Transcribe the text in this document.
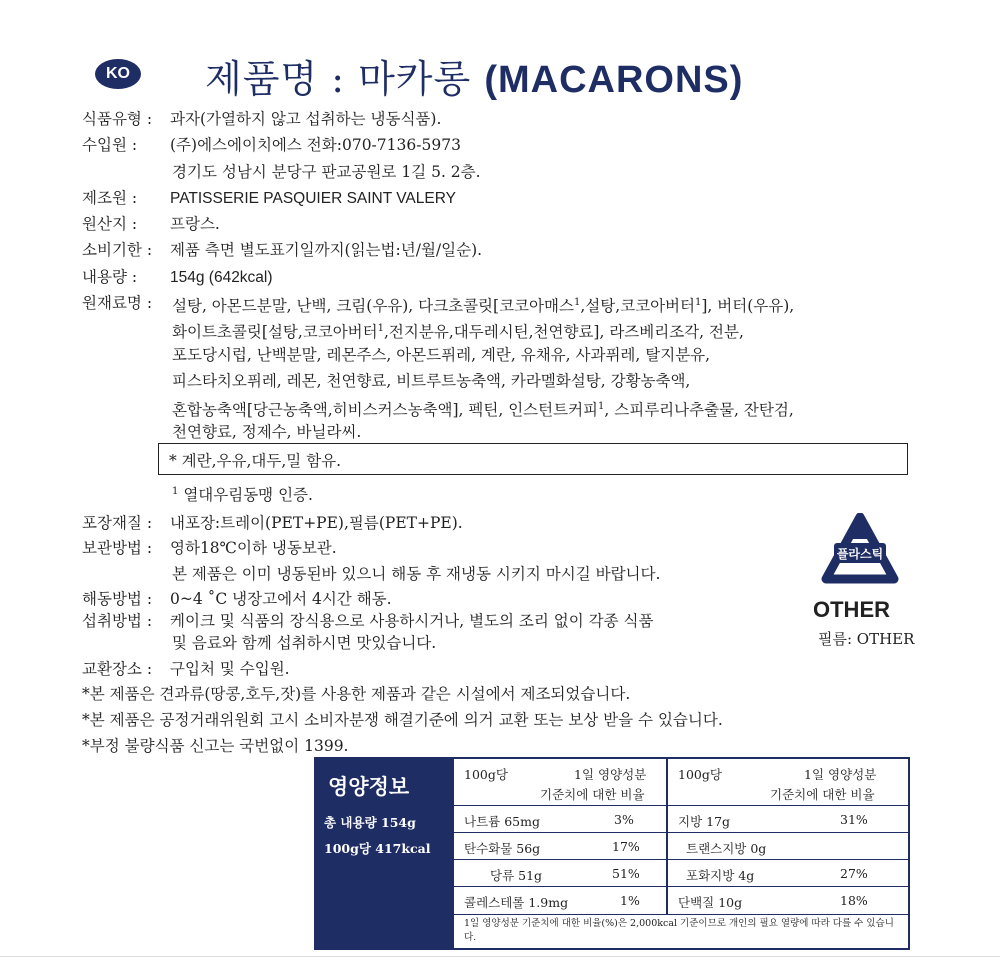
KO 제품명 : 마카롱 (MACARONS)
식품유형 : 과자(가열하지 않고 섭취하는 냉동식품).
수입원 : (주)에스에이치에스 전화:070-7136-5973
경기도 성남시 분당구 판교공원로 1길 5. 2층.
제조원 : PATISSERIE PASQUIER SAINT VALERY
원산지 : 프랑스.
소비기한 : 제품 측면 별도표기일까지(읽는법:년/월/일순).
내용량 : 154g (642kcal)
원재료명 :	설탕, 아몬드분말, 난백, 크림(우유), 다크초콜릿[코코아매스$^1$,설탕,코코아버터$^1$], 버터(우유),
화이트초콜릿[설탕,코코아버터$^1$,전지분유,대두레시틴,천연향료], 라즈베리조각, 전분,
포도당시럽, 난백분말, 레몬주스, 아몬드퓌레, 계란, 유채유, 사과퓌레, 탈지분유,
피스타치오퓌레, 레몬, 천연향료, 비트루트농축액, 카라멜화설탕, 강황농축액,
혼합농축액[당근농축액,히비스커스농축액], 펙틴, 인스턴트커피$^1$, 스피루리나추출물, 잔탄검,
천연향료, 정제수, 바닐라씨.
* 계란,우유,대두,밀 함유.
$^1$ 열대우림동맹 인증.
포장재질 : 내포장:트레이(PET+PE),필름(PET+PE).
보관방법 : 영하18℃이하 냉동보관.
본 제품은 이미 냉동된바 있으니 해동 후 재냉동 시키지 마시길 바랍니다.
해동방법 : 0~4 ˚C 냉장고에서 4시간 해동.
섭취방법 : 케이크 및 식품의 장식용으로 사용하시거나, 별도의 조리 없이 각종 식품
및 음료와 함께 섭취하시면 맛있습니다.
교환장소 : 구입처 및 수입원.
*본 제품은 견과류(땅콩,호두,잣)를 사용한 제품과 같은 시설에서 제조되었습니다.
*본 제품은 공정거래위원회 고시 소비자분쟁 해결기준에 의거 교환 또는 보상 받을 수 있습니다.
*부정 불량식품 신고는 국번없이 1399.
플라스틱
OTHER
필름: OTHER
영양정보
총 내용량 154g
100g당 417kcal
100g당	1일 영양성분
기준치에 대한 비율
100g당	1일 영양성분
기준치에 대한 비율
나트륨 65mg	3%	지방 17g	31%
탄수화물 56g	17%	트랜스지방 0g
당류 51g	51%	포화지방 4g	27%
콜레스테롤 1.9mg	1%	단백질 10g	18%
1일 영양성분 기준치에 대한 비율(%)은 2,000kcal 기준이므로 개인의 필요 열량에 따라 다를 수 있습니다.
